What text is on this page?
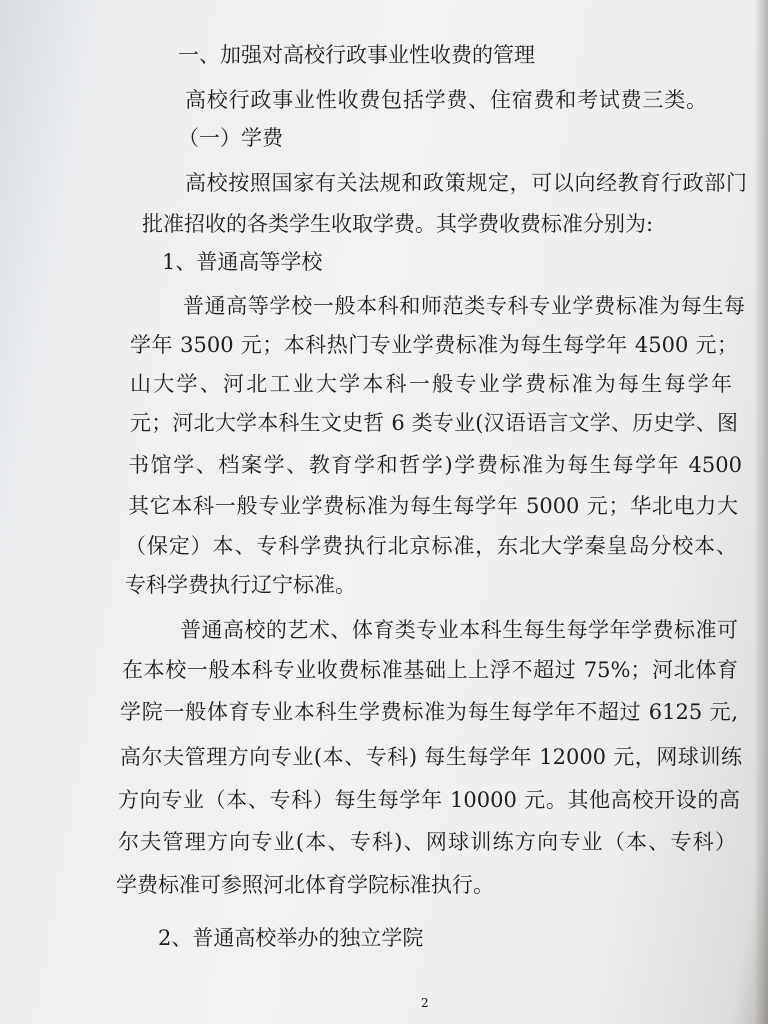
一、加强对高校行政事业性收费的管理
高校行政事业性收费包括学费、住宿费和考试费三类。
（一）学费
高校按照国家有关法规和政策规定，可以向经教育行政部门
批准招收的各类学生收取学费。其学费收费标准分别为:
1、普通高等学校
普通高等学校一般本科和师范类专科专业学费标准为每生每
学年 3500 元；本科热门专业学费标准为每生每学年 4500 元；
山大学、河北工业大学本科一般专业学费标准为每生每学年
元；河北大学本科生文史哲 6 类专业(汉语语言文学、历史学、图
书馆学、档案学、教育学和哲学)学费标准为每生每学年 4500
其它本科一般专业学费标准为每生每学年 5000 元；华北电力大
（保定）本、专科学费执行北京标准，东北大学秦皇岛分校本、
专科学费执行辽宁标准。
普通高校的艺术、体育类专业本科生每生每学年学费标准可
在本校一般本科专业收费标准基础上上浮不超过 75%；河北体育
学院一般体育专业本科生学费标准为每生每学年不超过 6125 元,
高尔夫管理方向专业(本、专科) 每生每学年 12000 元，网球训练
方向专业（本、专科）每生每学年 10000 元。其他高校开设的高
尔夫管理方向专业(本、专科)、网球训练方向专业（本、专科）
学费标准可参照河北体育学院标准执行。
2、普通高校举办的独立学院
2
